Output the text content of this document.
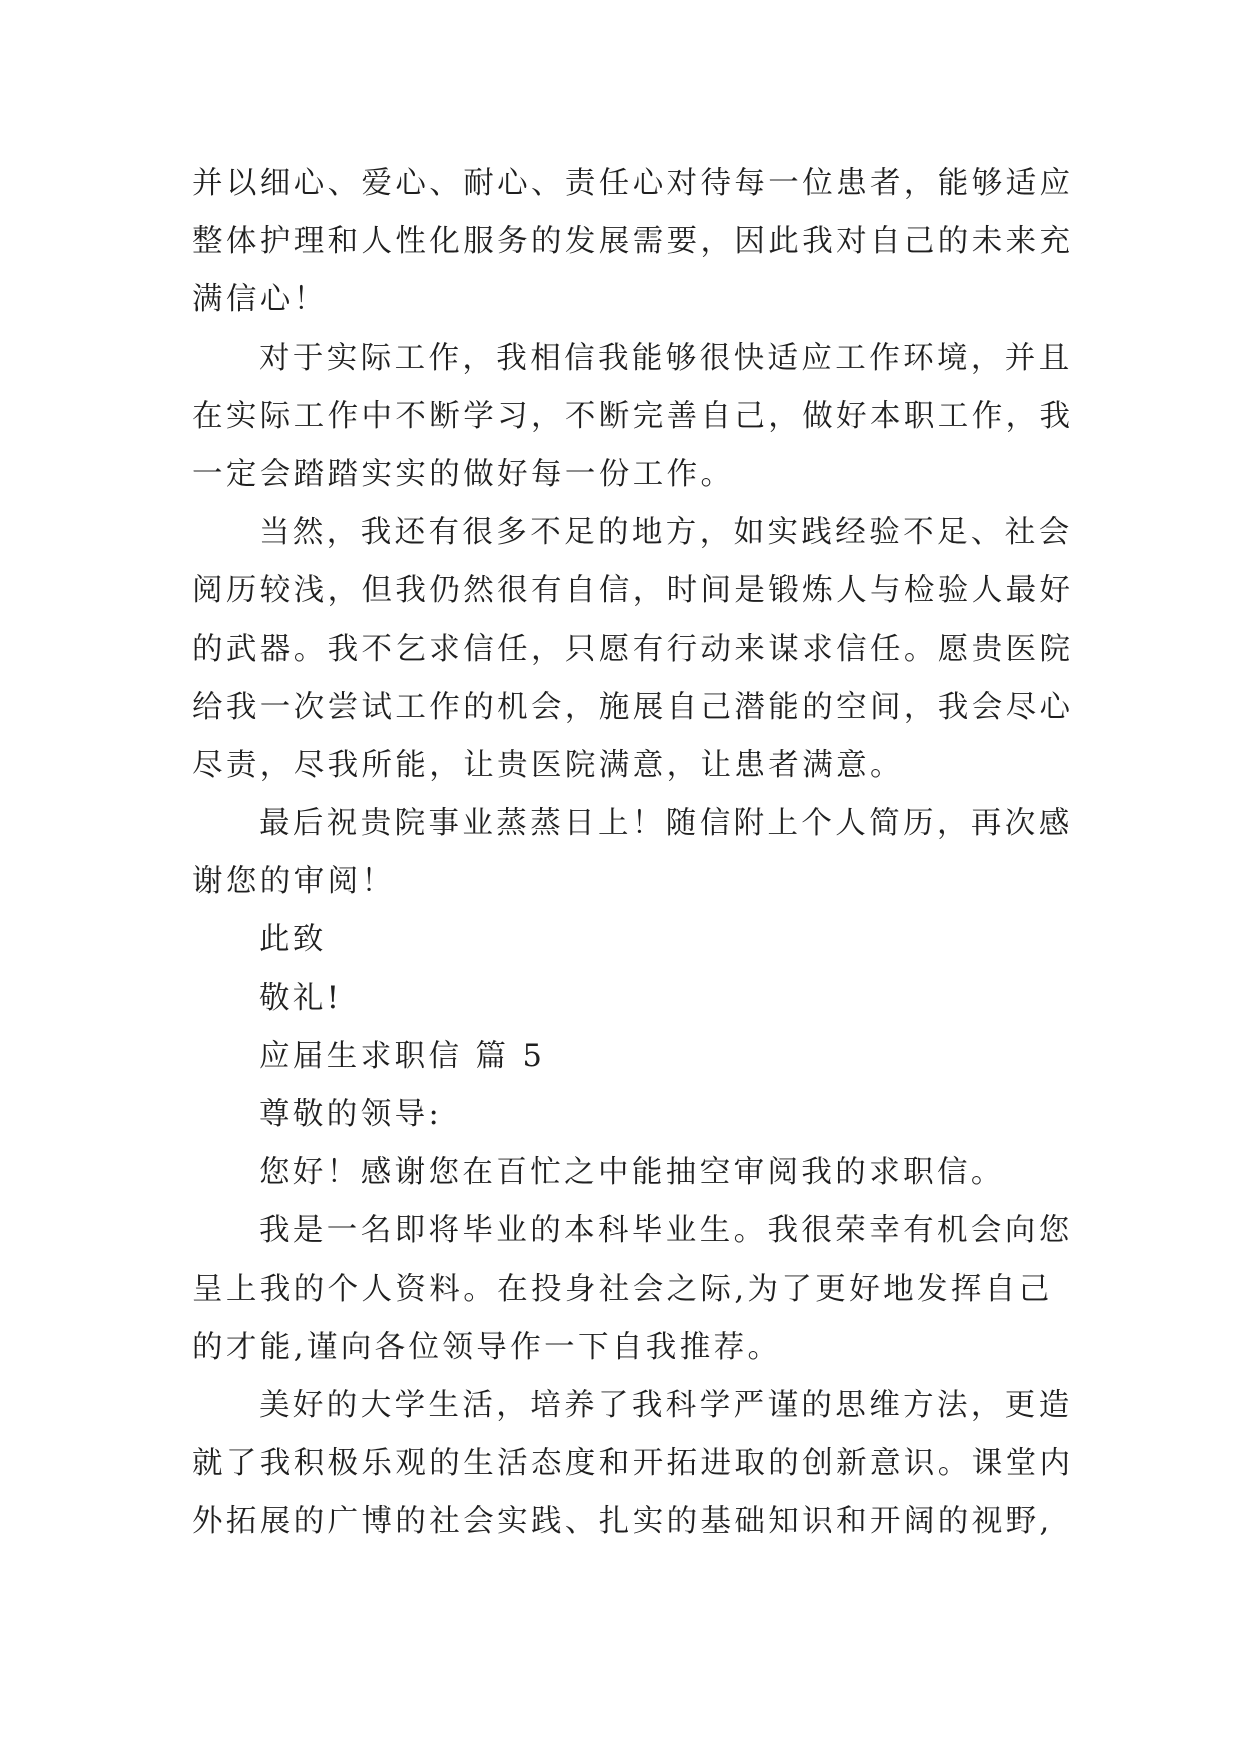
并以细心、爱心、耐心、责任心对待每一位患者，能够适应
整体护理和人性化服务的发展需要，因此我对自己的未来充
满信心！
对于实际工作，我相信我能够很快适应工作环境，并且
在实际工作中不断学习，不断完善自己，做好本职工作，我
一定会踏踏实实的做好每一份工作。
当然，我还有很多不足的地方，如实践经验不足、社会
阅历较浅，但我仍然很有自信，时间是锻炼人与检验人最好
的武器。我不乞求信任，只愿有行动来谋求信任。愿贵医院
给我一次尝试工作的机会，施展自己潜能的空间，我会尽心
尽责，尽我所能，让贵医院满意，让患者满意。
最后祝贵院事业蒸蒸日上！随信附上个人简历，再次感
谢您的审阅！
此致
敬礼!
应届生求职信 篇 5
尊敬的领导:
您好！感谢您在百忙之中能抽空审阅我的求职信。
我是一名即将毕业的本科毕业生。我很荣幸有机会向您
呈上我的个人资料。在投身社会之际,为了更好地发挥自己
的才能,谨向各位领导作一下自我推荐。
美好的大学生活，培养了我科学严谨的思维方法，更造
就了我积极乐观的生活态度和开拓进取的创新意识。课堂内
外拓展的广博的社会实践、扎实的基础知识和开阔的视野,
